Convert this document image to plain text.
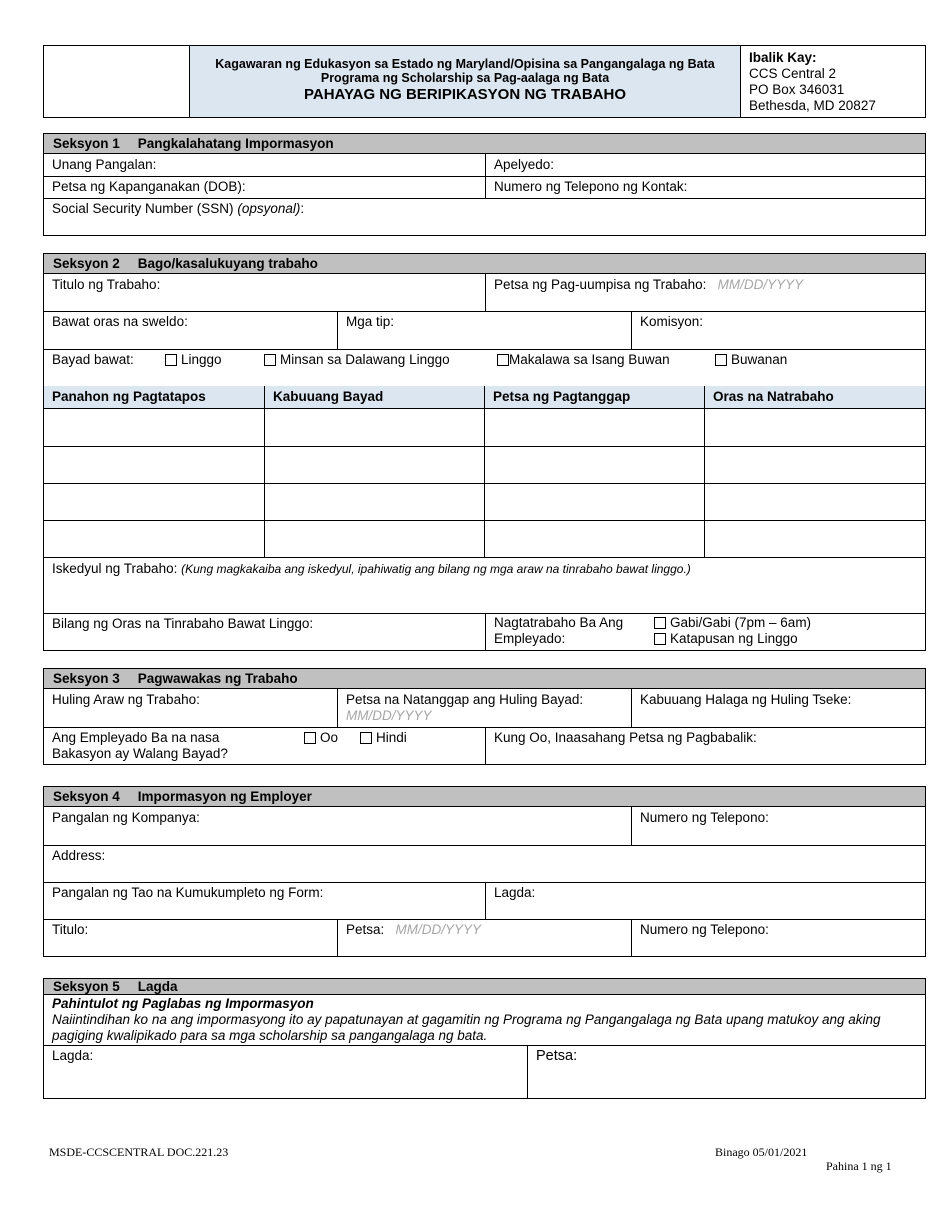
Kagawaran ng Edukasyon sa Estado ng Maryland/Opisina sa Pangangalaga ng Bata
Programa ng Scholarship sa Pag-aalaga ng Bata
PAHAYAG NG BERIPIKASYON NG TRABAHO
Ibalik Kay:
CCS Central 2
PO Box 346031
Bethesda, MD 20827
Seksyon 1 Pangkalahatang Impormasyon
Unang Pangalan:	Apelyedo:
Petsa ng Kapanganakan (DOB):	Numero ng Telepono ng Kontak:
Social Security Number (SSN) (opsyonal):
Seksyon 2 Bago/kasalukuyang trabaho
Titulo ng Trabaho:	Petsa ng Pag-uumpisa ng Trabaho: MM/DD/YYYY
Bawat oras na sweldo:	Mga tip:	Komisyon:
Bayad bawat:	Linggo	Minsan sa Dalawang Linggo	Makalawa sa Isang Buwan	Buwanan
Panahon ng Pagtatapos	Kabuuang Bayad	Petsa ng Pagtanggap	Oras na Natrabaho
Iskedyul ng Trabaho: (Kung magkakaiba ang iskedyul, ipahiwatig ang bilang ng mga araw na tinrabaho bawat linggo.)
Bilang ng Oras na Tinrabaho Bawat Linggo:	Nagtatrabaho Ba Ang
Empleyado:
Gabi/Gabi (7pm – 6am)
Katapusan ng Linggo
Seksyon 3 Pagwawakas ng Trabaho
Huling Araw ng Trabaho:	Petsa na Natanggap ang Huling Bayad:
MM/DD/YYYY
Kabuuang Halaga ng Huling Tseke:
Ang Empleyado Ba na nasa
Bakasyon ay Walang Bayad?
Oo	Hindi	Kung Oo, Inaasahang Petsa ng Pagbabalik:
Seksyon 4 Impormasyon ng Employer
Pangalan ng Kompanya:	Numero ng Telepono:
Address:
Pangalan ng Tao na Kumukumpleto ng Form:	Lagda:
Titulo:	Petsa: MM/DD/YYYY	Numero ng Telepono:
Seksyon 5 Lagda
Pahintulot ng Paglabas ng Impormasyon
Naiintindihan ko na ang impormasyong ito ay papatunayan at gagamitin ng Programa ng Pangangalaga ng Bata upang matukoy ang aking
pagiging kwalipikado para sa mga scholarship sa pangangalaga ng bata.
Lagda:	Petsa:
MSDE-CCSCENTRAL DOC.221.23	Binago 05/01/2021
Pahina 1 ng 1
